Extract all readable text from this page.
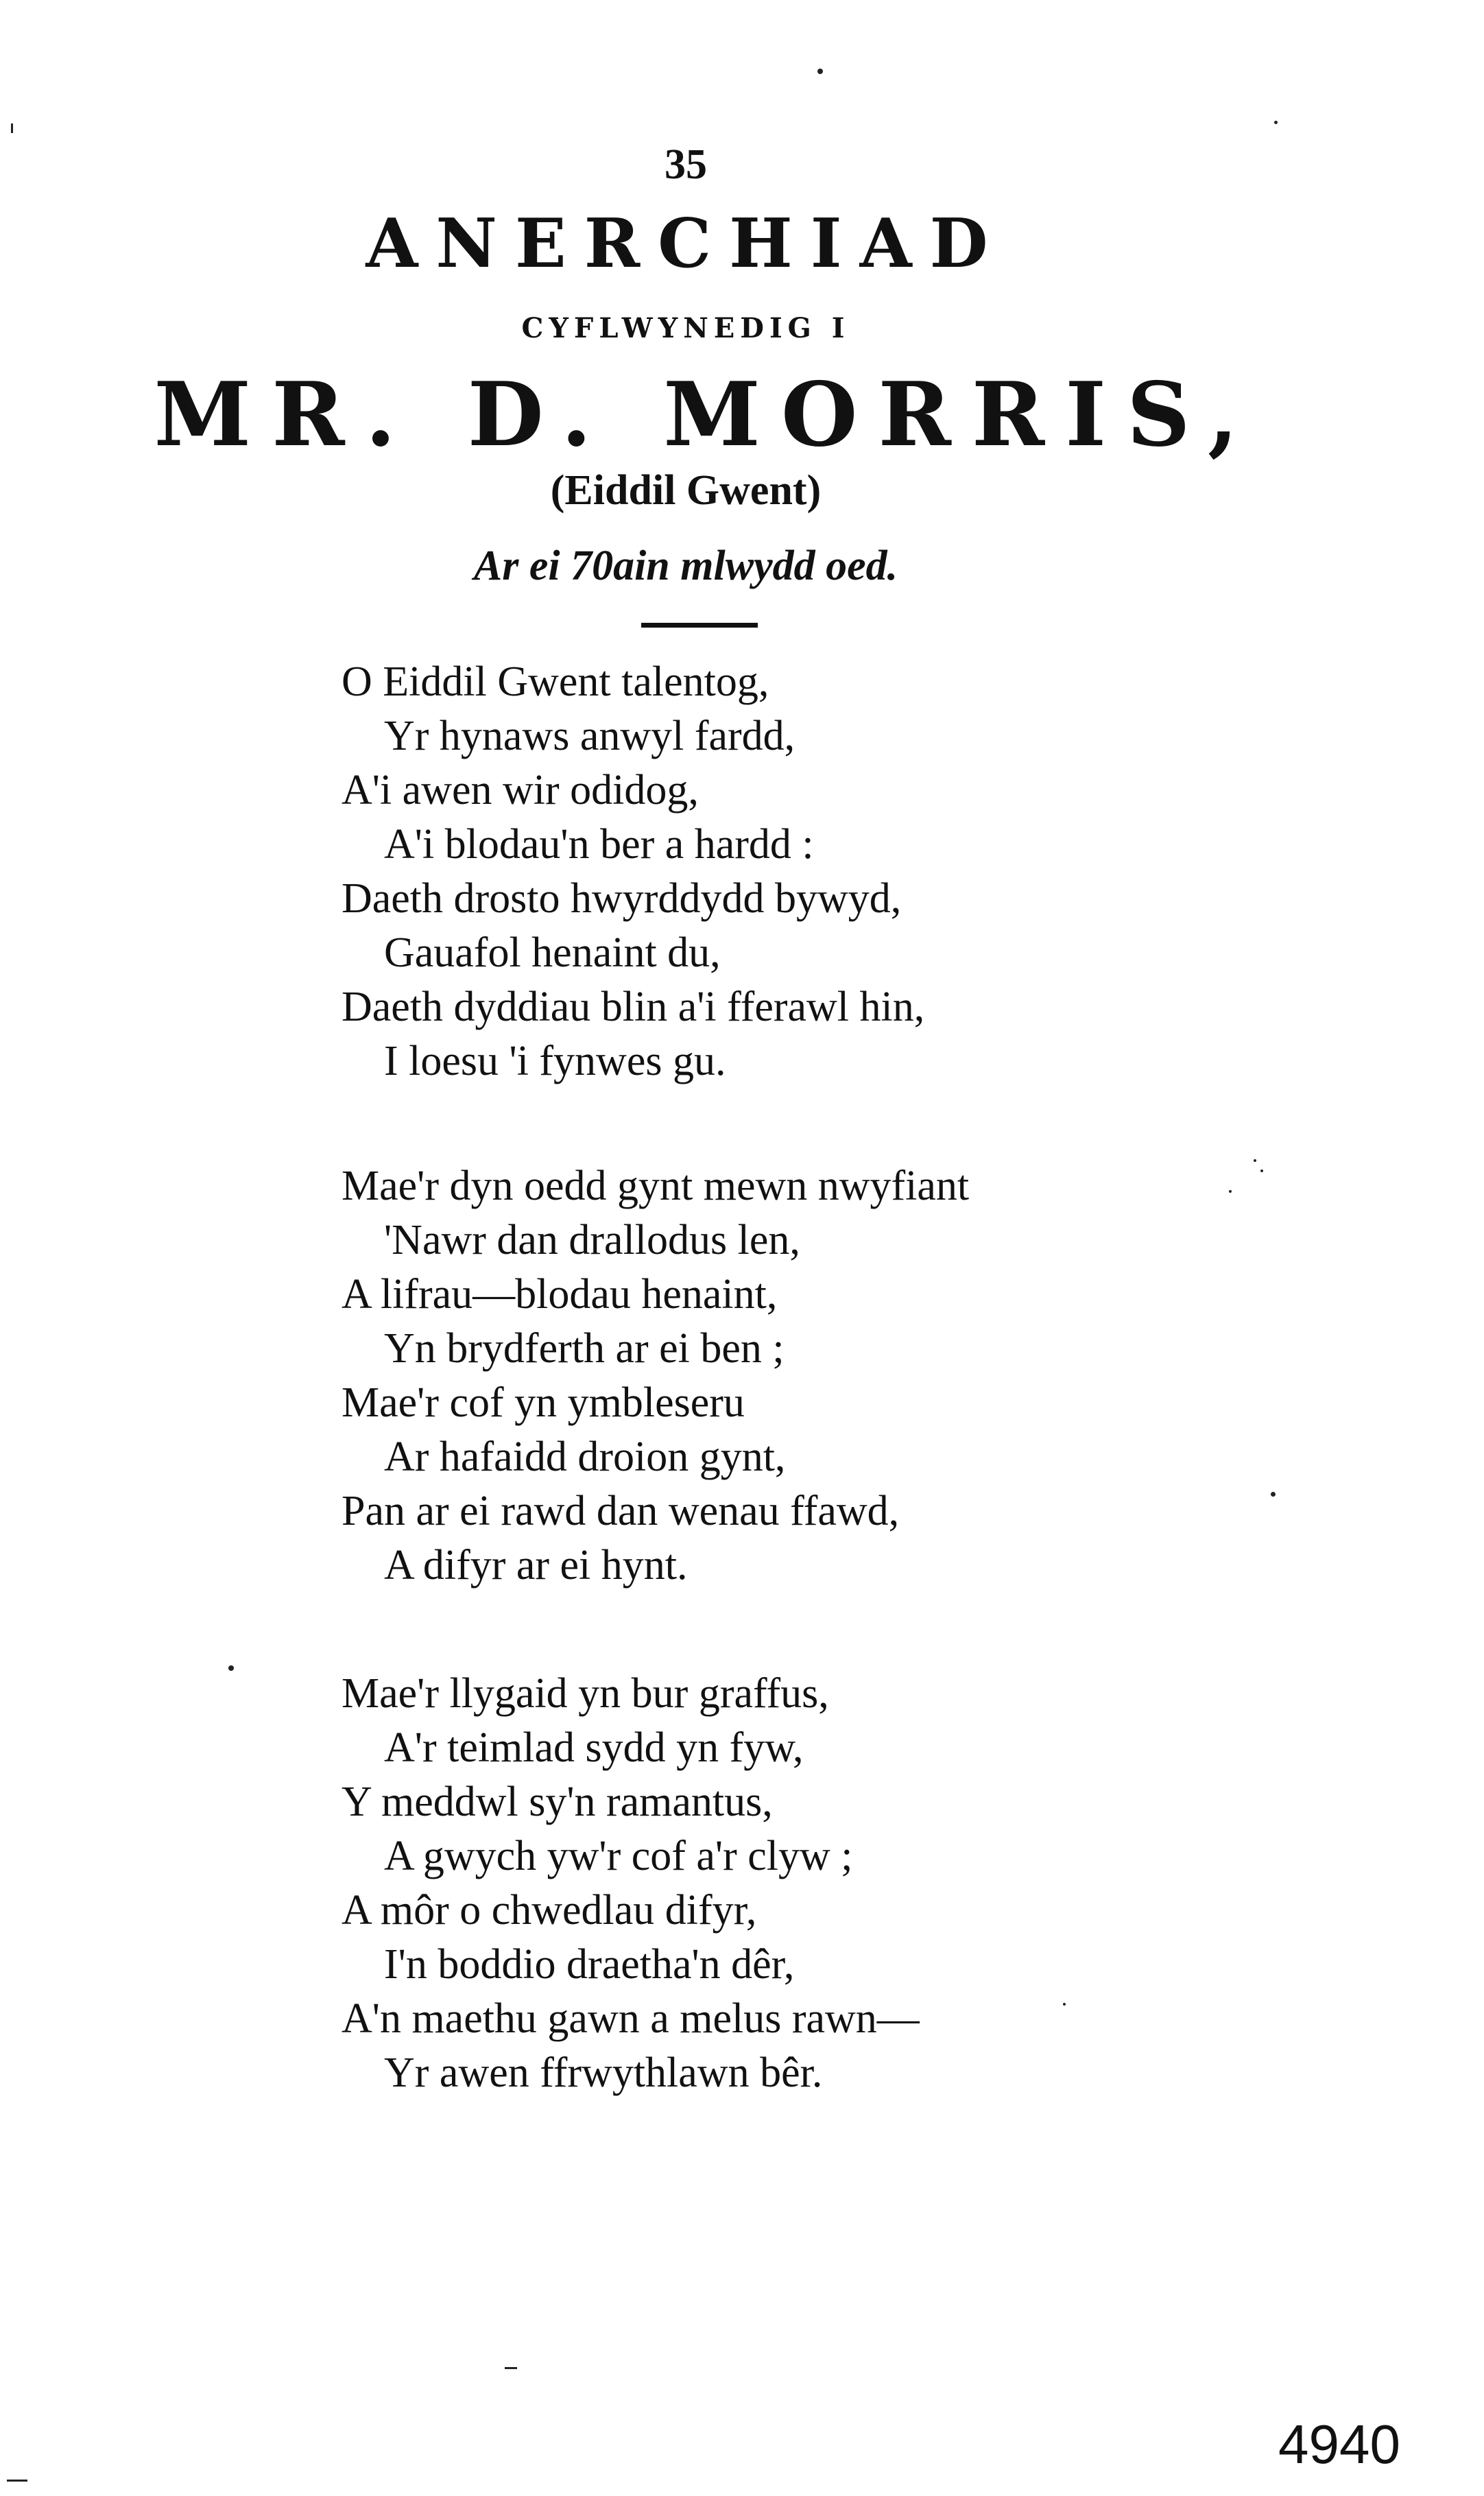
35
ANERCHIAD
CYFLWYNEDIG I
MR. D. MORRIS,
(Eiddil Gwent)
Ar ei 70ain mlwydd oed.
O Eiddil Gwent talentog,
Yr hynaws anwyl fardd,
A'i awen wir odidog,
A'i blodau'n ber a hardd :
Daeth drosto hwyrddydd bywyd,
Gauafol henaint du,
Daeth dyddiau blin a'i fferawl hin,
I loesu 'i fynwes gu.
Mae'r dyn oedd gynt mewn nwyfiant
'Nawr dan drallodus len,
A lifrau—blodau henaint,
Yn brydferth ar ei ben ;
Mae'r cof yn ymbleseru
Ar hafaidd droion gynt,
Pan ar ei rawd dan wenau ffawd,
A difyr ar ei hynt.
Mae'r llygaid yn bur graffus,
A'r teimlad sydd yn fyw,
Y meddwl sy'n ramantus,
A gwych yw'r cof a'r clyw ;
A môr o chwedlau difyr,
I'n boddio draetha'n dêr,
A'n maethu gawn a melus rawn—
Yr awen ffrwythlawn bêr.
4940
